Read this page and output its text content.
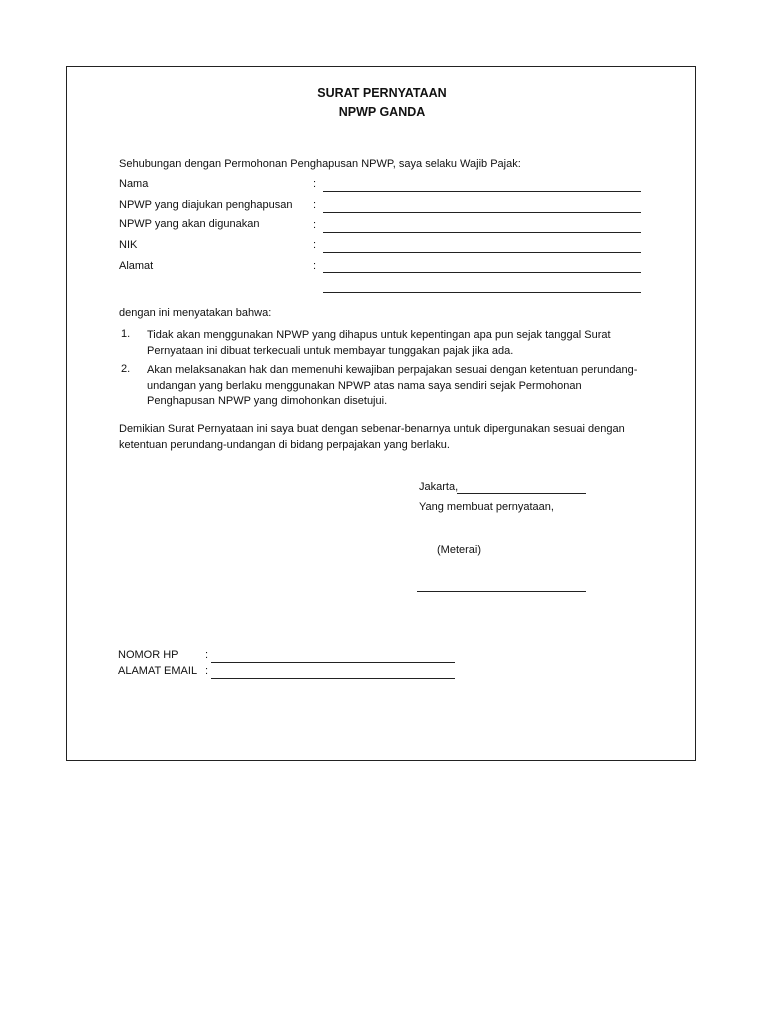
SURAT PERNYATAAN
NPWP GANDA
Sehubungan dengan Permohonan Penghapusan NPWP, saya selaku Wajib Pajak:
Nama	:
NPWP yang diajukan penghapusan :
NPWP yang akan digunakan	:
NIK	:
Alamat	:
dengan ini menyatakan bahwa:
1. Tidak akan menggunakan NPWP yang dihapus untuk kepentingan apa pun sejak tanggal Surat
Pernyataan ini dibuat terkecuali untuk membayar tunggakan pajak jika ada.
2. Akan melaksanakan hak dan memenuhi kewajiban perpajakan sesuai dengan ketentuan perundang-
undangan yang berlaku menggunakan NPWP atas nama saya sendiri sejak Permohonan
Penghapusan NPWP yang dimohonkan disetujui.
Demikian Surat Pernyataan ini saya buat dengan sebenar-benarnya untuk dipergunakan sesuai dengan
ketentuan perundang-undangan di bidang perpajakan yang berlaku.
Jakarta,
Yang membuat pernyataan,
(Meterai)
NOMOR HP :
ALAMAT EMAIL :
